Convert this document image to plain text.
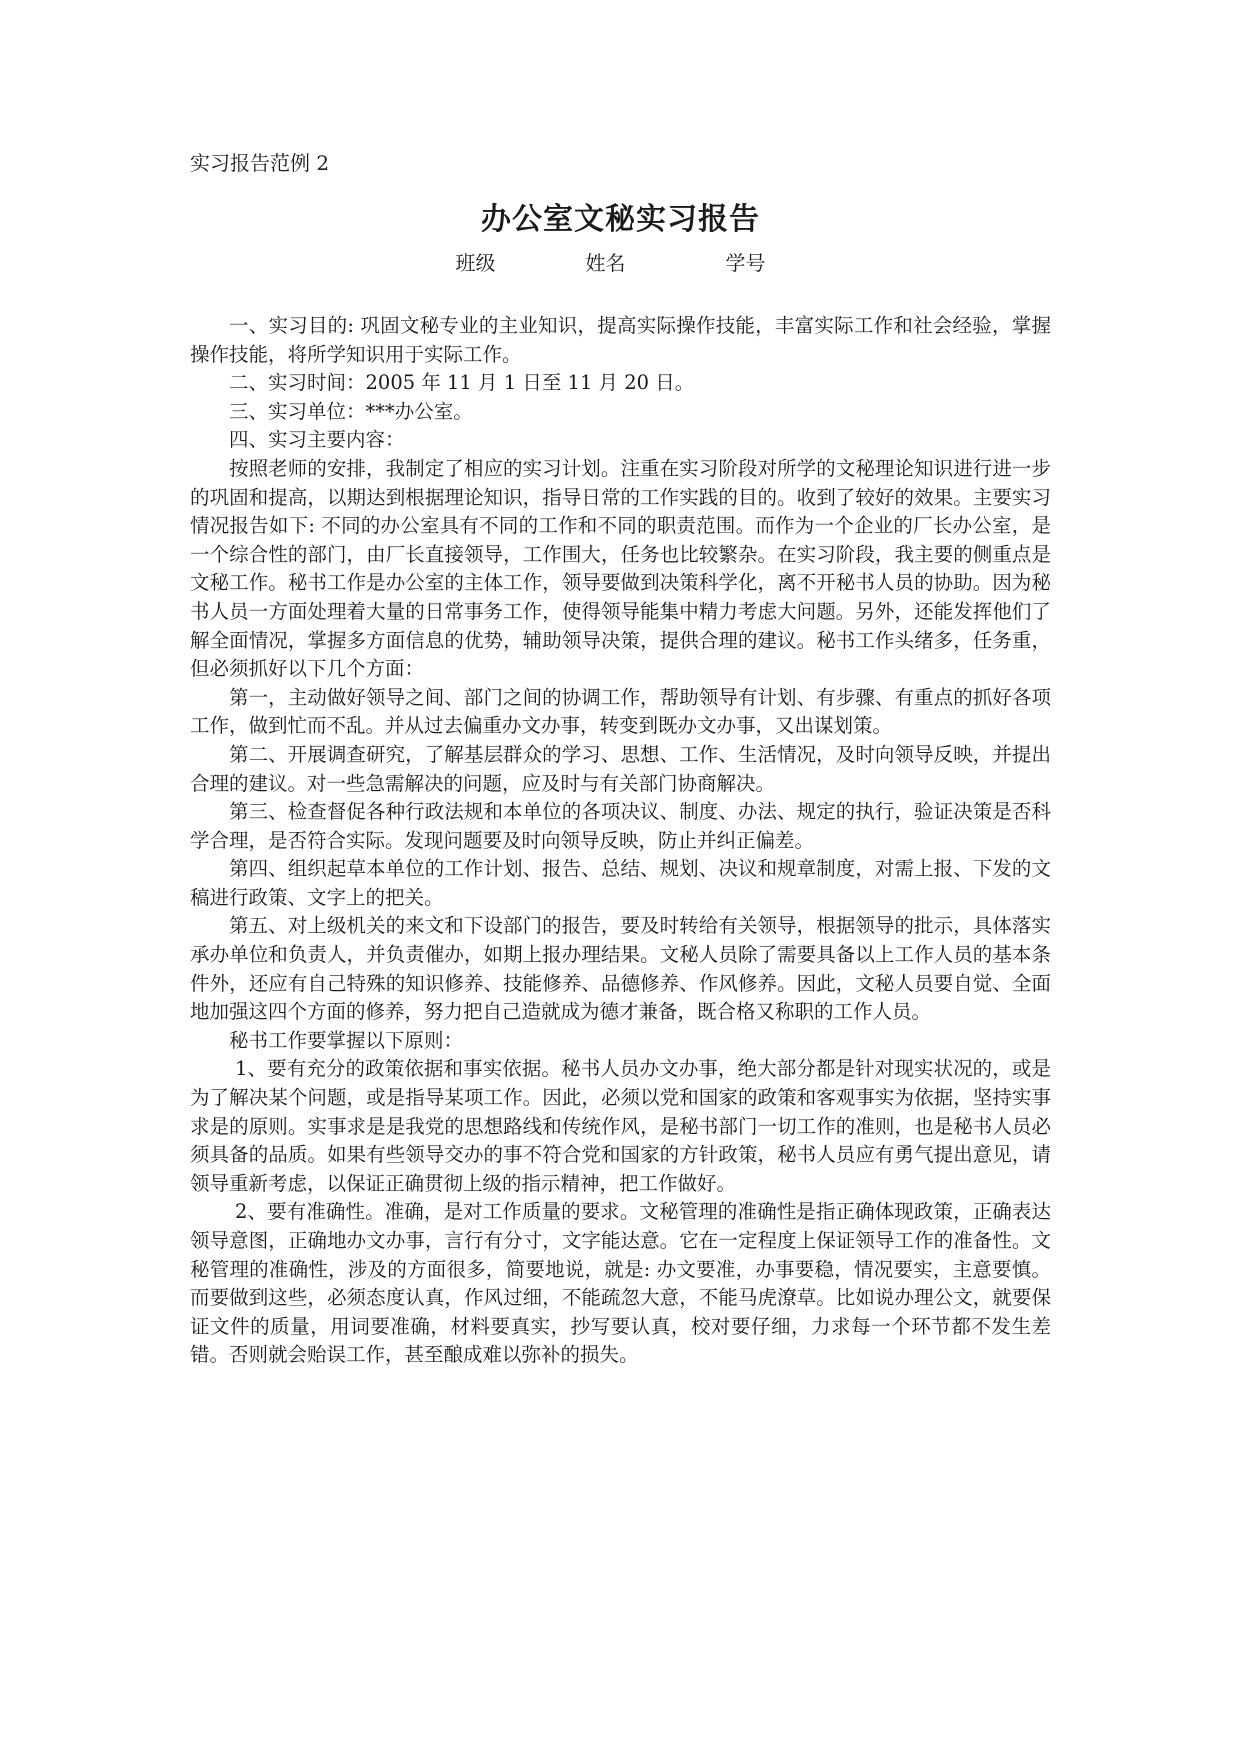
实习报告范例 2

办公室文秘实习报告
班级	姓名	学号

一、实习目的: 巩固文秘专业的主业知识，提高实际操作技能，丰富实际工作和社会经验，掌握操作技能，将所学知识用于实际工作。

二、实习时间：2005 年 11 月 1 日至 11 月 20 日。

三、实习单位：***办公室。

四、实习主要内容：

按照老师的安排，我制定了相应的实习计划。注重在实习阶段对所学的文秘理论知识进行进一步的巩固和提高，以期达到根据理论知识，指导日常的工作实践的目的。收到了较好的效果。主要实习情况报告如下: 不同的办公室具有不同的工作和不同的职责范围。而作为一个企业的厂长办公室，是一个综合性的部门，由厂长直接领导，工作围大，任务也比较繁杂。在实习阶段，我主要的侧重点是文秘工作。秘书工作是办公室的主体工作，领导要做到决策科学化，离不开秘书人员的协助。因为秘书人员一方面处理着大量的日常事务工作，使得领导能集中精力考虑大问题。另外，还能发挥他们了解全面情况，掌握多方面信息的优势，辅助领导决策，提供合理的建议。秘书工作头绪多，任务重，但必须抓好以下几个方面：

第一，主动做好领导之间、部门之间的协调工作，帮助领导有计划、有步骤、有重点的抓好各项工作，做到忙而不乱。并从过去偏重办文办事，转变到既办文办事，又出谋划策。

第二、开展调查研究，了解基层群众的学习、思想、工作、生活情况，及时向领导反映，并提出合理的建议。对一些急需解决的问题，应及时与有关部门协商解决。

第三、检查督促各种行政法规和本单位的各项决议、制度、办法、规定的执行，验证决策是否科学合理，是否符合实际。发现问题要及时向领导反映，防止并纠正偏差。

第四、组织起草本单位的工作计划、报告、总结、规划、决议和规章制度，对需上报、下发的文稿进行政策、文字上的把关。

第五、对上级机关的来文和下设部门的报告，要及时转给有关领导，根据领导的批示，具体落实承办单位和负责人，并负责催办，如期上报办理结果。文秘人员除了需要具备以上工作人员的基本条件外，还应有自己特殊的知识修养、技能修养、品德修养、作风修养。因此，文秘人员要自觉、全面地加强这四个方面的修养，努力把自己造就成为德才兼备，既合格又称职的工作人员。

秘书工作要掌握以下原则：

1、要有充分的政策依据和事实依据。秘书人员办文办事，绝大部分都是针对现实状况的，或是为了解决某个问题，或是指导某项工作。因此，必须以党和国家的政策和客观事实为依据，坚持实事求是的原则。实事求是是我党的思想路线和传统作风，是秘书部门一切工作的准则，也是秘书人员必须具备的品质。如果有些领导交办的事不符合党和国家的方针政策，秘书人员应有勇气提出意见，请领导重新考虑，以保证正确贯彻上级的指示精神，把工作做好。

2、要有准确性。准确，是对工作质量的要求。文秘管理的准确性是指正确体现政策，正确表达领导意图，正确地办文办事，言行有分寸，文字能达意。它在一定程度上保证领导工作的准备性。文秘管理的准确性，涉及的方面很多，简要地说，就是: 办文要准，办事要稳，情况要实，主意要慎。而要做到这些，必须态度认真，作风过细，不能疏忽大意，不能马虎潦草。比如说办理公文，就要保证文件的质量，用词要准确，材料要真实，抄写要认真，校对要仔细，力求每一个环节都不发生差错。否则就会贻误工作，甚至酿成难以弥补的损失。
